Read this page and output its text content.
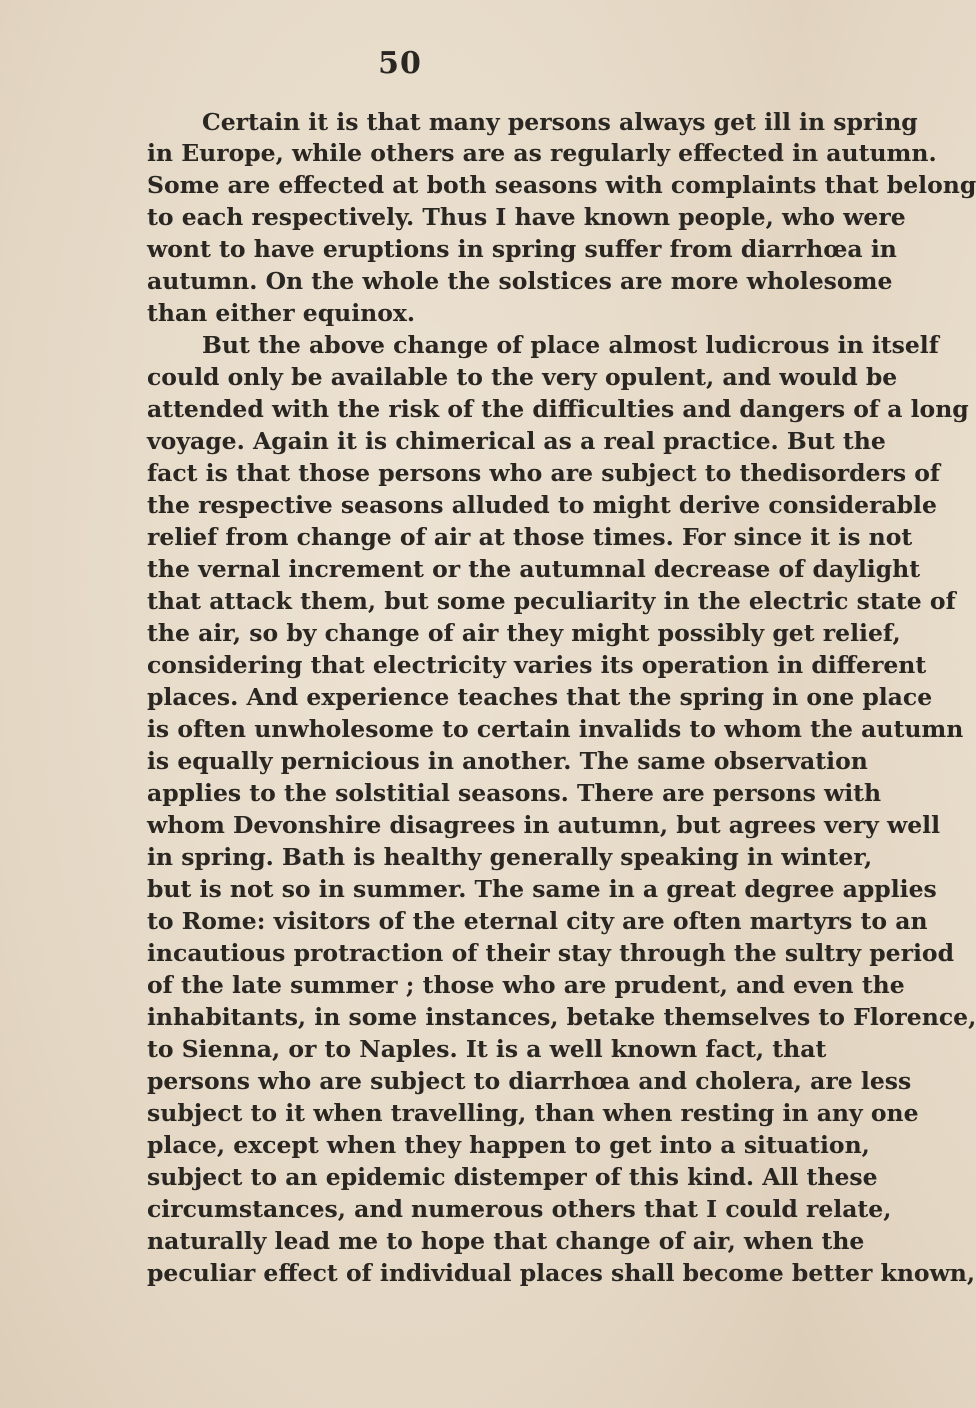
50
Certain it is that many persons always get ill in spring
in Europe, while others are as regularly effected in autumn.
Some are effected at both seasons with complaints that belong
to each respectively. Thus I have known people, who were
wont to have eruptions in spring suffer from diarrhœa in
autumn. On the whole the solstices are more wholesome
than either equinox.
But the above change of place almost ludicrous in itself
could only be available to the very opulent, and would be
attended with the risk of the difficulties and dangers of a long
voyage. Again it is chimerical as a real practice. But the
fact is that those persons who are subject to thedisorders of
the respective seasons alluded to might derive considerable
relief from change of air at those times. For since it is not
the vernal increment or the autumnal decrease of daylight
that attack them, but some peculiarity in the electric state of
the air, so by change of air they might possibly get relief,
considering that electricity varies its operation in different
places. And experience teaches that the spring in one place
is often unwholesome to certain invalids to whom the autumn
is equally pernicious in another. The same observation
applies to the solstitial seasons. There are persons with
whom Devonshire disagrees in autumn, but agrees very well
in spring. Bath is healthy generally speaking in winter,
but is not so in summer. The same in a great degree applies
to Rome: visitors of the eternal city are often martyrs to an
incautious protraction of their stay through the sultry period
of the late summer ; those who are prudent, and even the
inhabitants, in some instances, betake themselves to Florence,
to Sienna, or to Naples. It is a well known fact, that
persons who are subject to diarrhœa and cholera, are less
subject to it when travelling, than when resting in any one
place, except when they happen to get into a situation,
subject to an epidemic distemper of this kind. All these
circumstances, and numerous others that I could relate,
naturally lead me to hope that change of air, when the
peculiar effect of individual places shall become better known,
